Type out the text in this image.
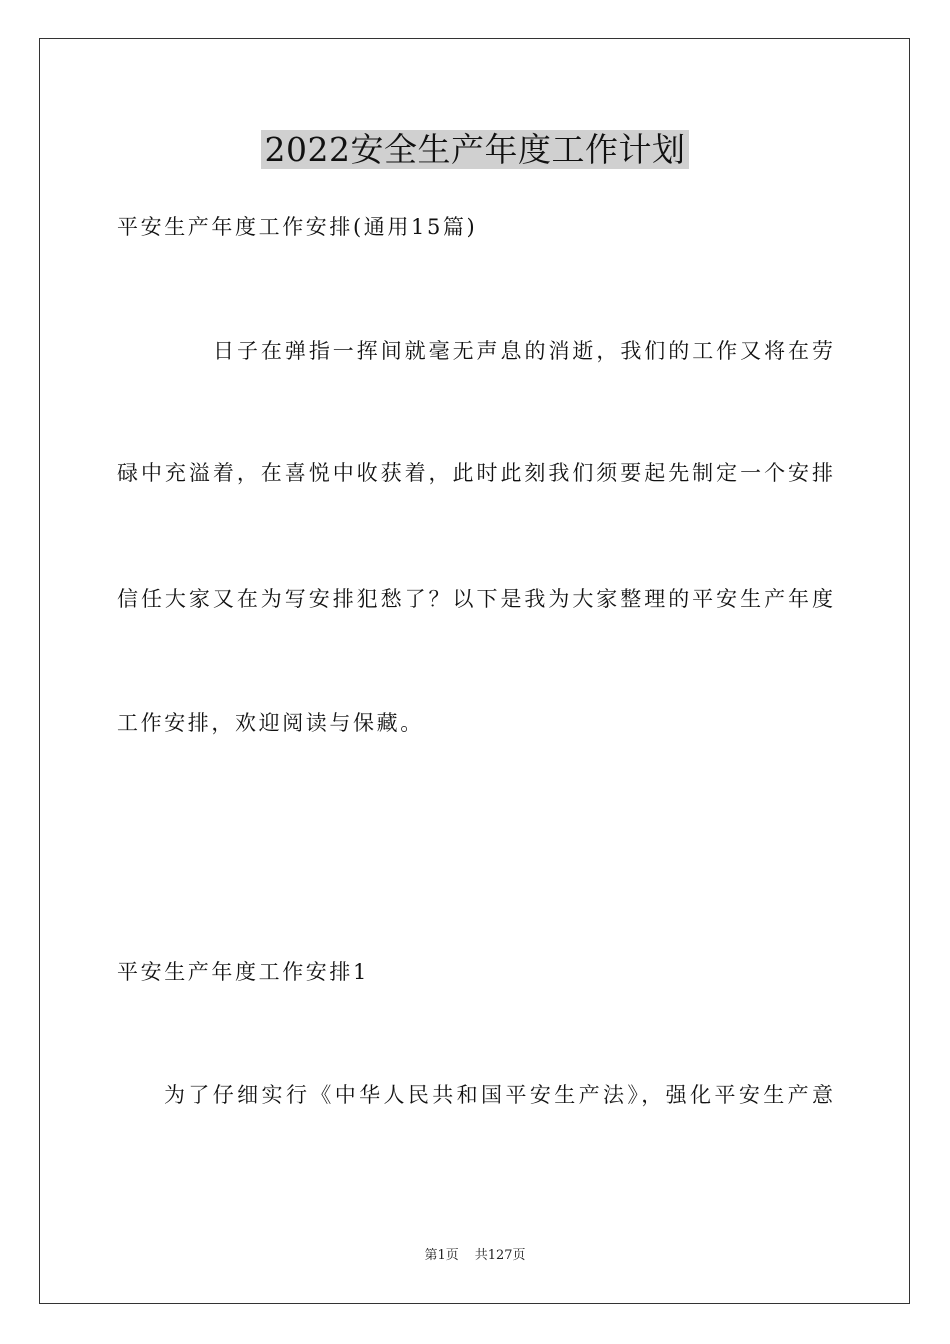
2022安全生产年度工作计划

平安生产年度工作安排(通用15篇)

日子在弹指一挥间就毫无声息的消逝，我们的工作又将在劳

碌中充溢着，在喜悦中收获着，此时此刻我们须要起先制定一个安排

信任大家又在为写安排犯愁了？以下是我为大家整理的平安生产年度

工作安排，欢迎阅读与保藏。

平安生产年度工作安排1

为了仔细实行《中华人民共和国平安生产法》，强化平安生产意

第1页 共127页
